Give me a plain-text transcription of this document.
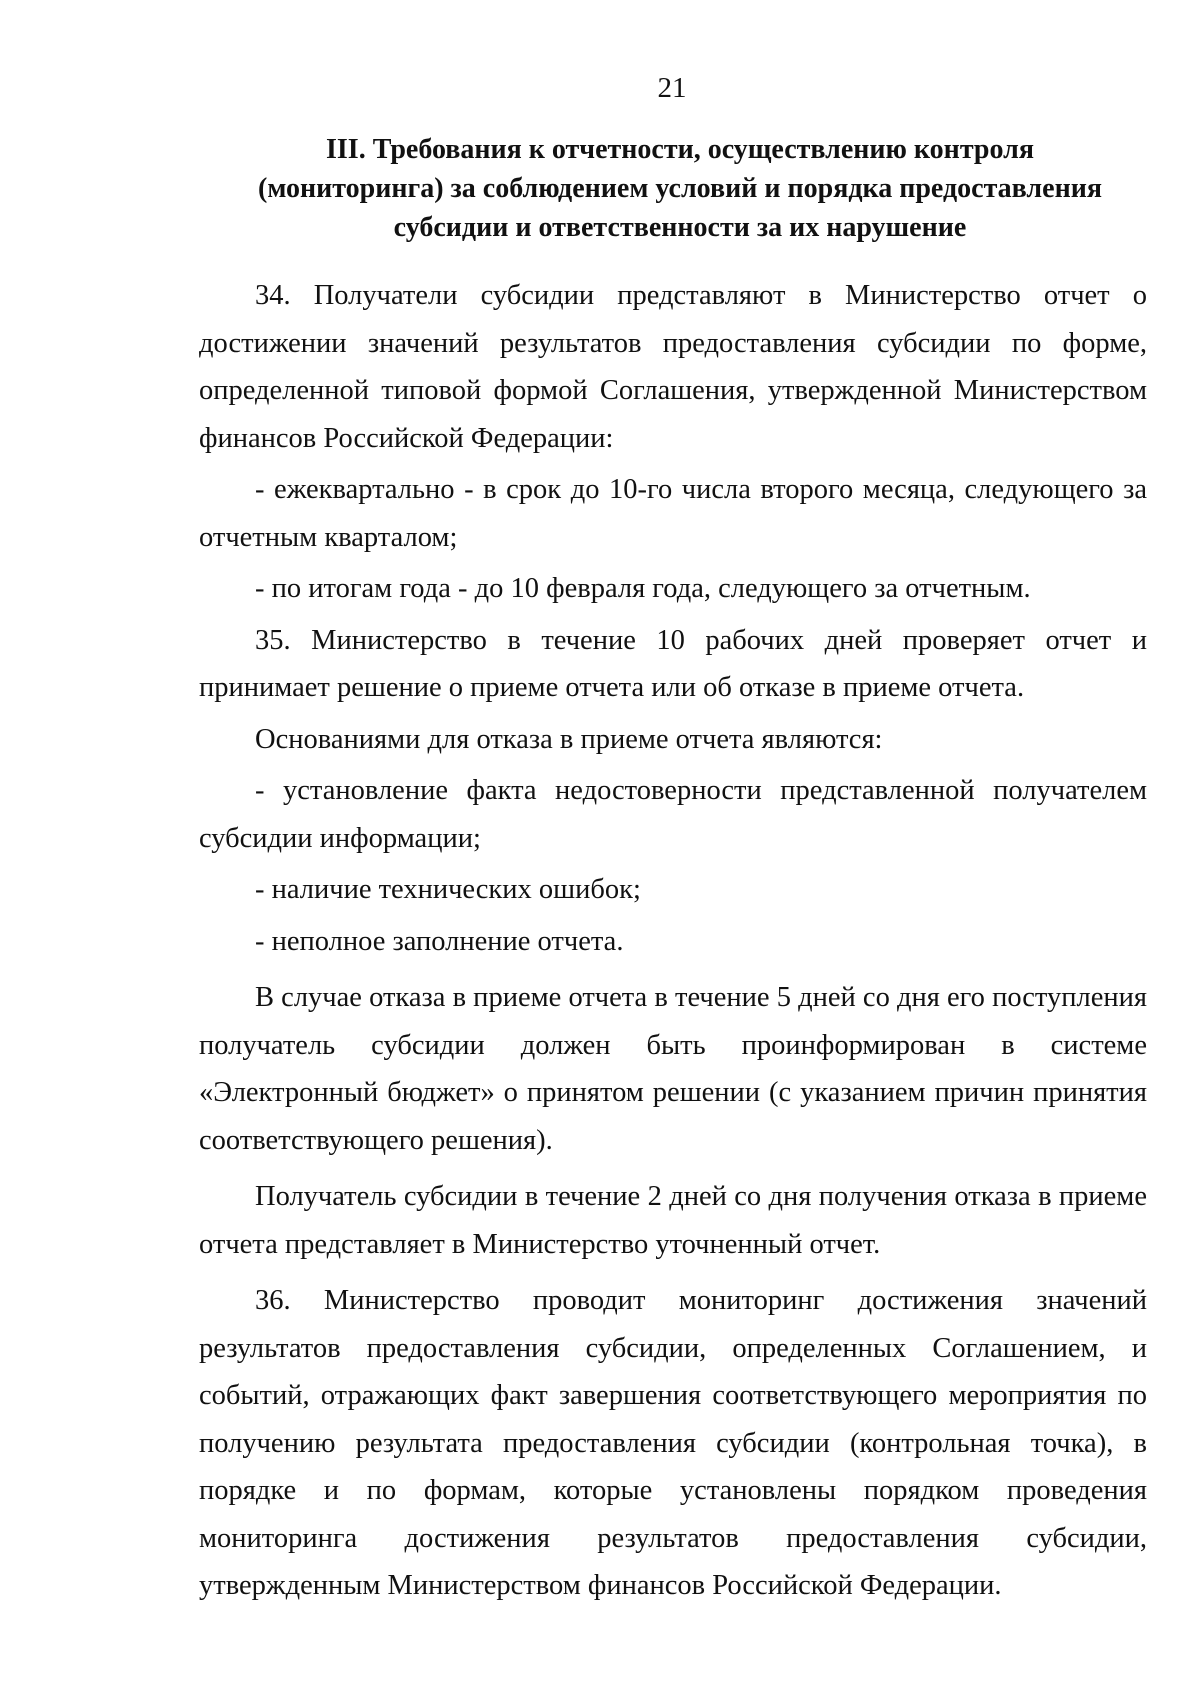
21
III. Требования к отчетности, осуществлению контроля
(мониторинга) за соблюдением условий и порядка предоставления
субсидии и ответственности за их нарушение

34. Получатели субсидии представляют в Министерство отчет о достижении значений результатов предоставления субсидии по форме, определенной типовой формой Соглашения, утвержденной Министерством финансов Российской Федерации:

- ежеквартально - в срок до 10-го числа второго месяца, следующего за отчетным кварталом;

- по итогам года - до 10 февраля года, следующего за отчетным.

35. Министерство в течение 10 рабочих дней проверяет отчет и принимает решение о приеме отчета или об отказе в приеме отчета.

Основаниями для отказа в приеме отчета являются:

- установление факта недостоверности представленной получателем субсидии информации;

- наличие технических ошибок;

- неполное заполнение отчета.

В случае отказа в приеме отчета в течение 5 дней со дня его поступления получатель субсидии должен быть проинформирован в системе «Электронный бюджет» о принятом решении (с указанием причин принятия соответствующего решения).

Получатель субсидии в течение 2 дней со дня получения отказа в приеме отчета представляет в Министерство уточненный отчет.

36. Министерство проводит мониторинг достижения значений результатов предоставления субсидии, определенных Соглашением, и событий, отражающих факт завершения соответствующего мероприятия по получению результата предоставления субсидии (контрольная точка), в порядке и по формам, которые установлены порядком проведения мониторинга достижения результатов предоставления субсидии, утвержденным Министерством финансов Российской Федерации.
